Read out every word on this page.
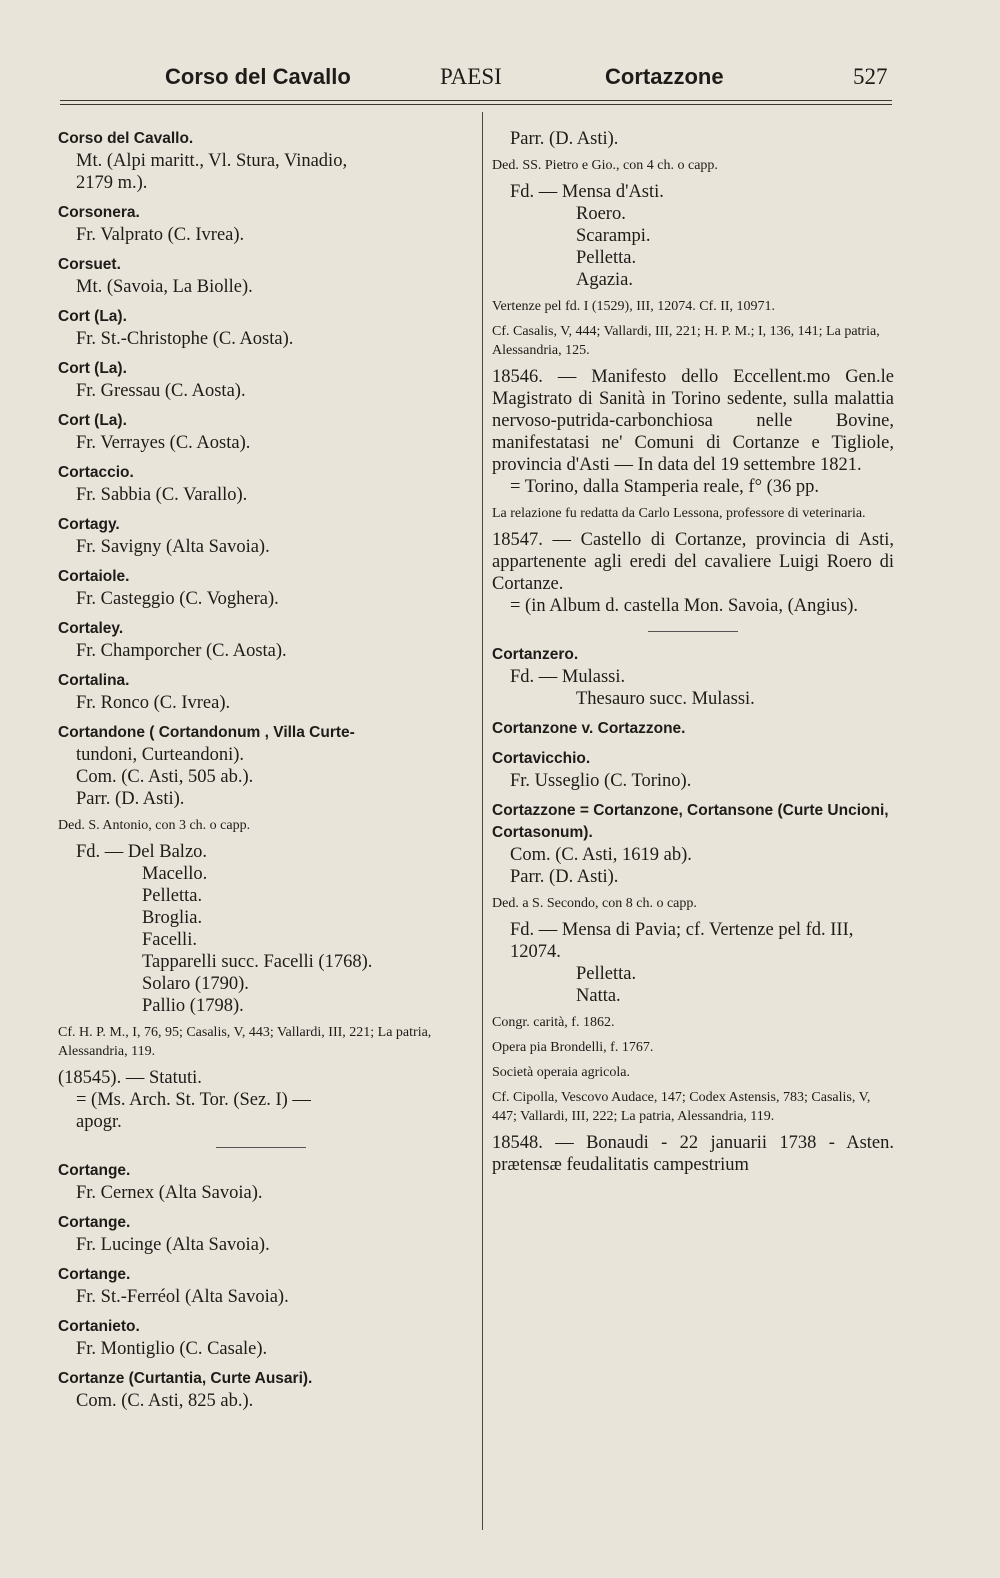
Corso del Cavallo	PAESI	Cortazzone	527

Corso del Cavallo.

Mt. (Alpi maritt., Vl. Stura, Vinadio,

2179 m.).

Corsonera.

Fr. Valprato (C. Ivrea).

Corsuet.

Mt. (Savoia, La Biolle).

Cort (La).

Fr. St.-Christophe (C. Aosta).

Cort (La).

Fr. Gressau (C. Aosta).

Cort (La).

Fr. Verrayes (C. Aosta).

Cortaccio.

Fr. Sabbia (C. Varallo).

Cortagy.

Fr. Savigny (Alta Savoia).

Cortaiole.

Fr. Casteggio (C. Voghera).

Cortaley.

Fr. Champorcher (C. Aosta).

Cortalina.

Fr. Ronco (C. Ivrea).

Cortandone ( Cortandonum , Villa Curte-

tundoni, Curteandoni).

Com. (C. Asti, 505 ab.).

Parr. (D. Asti).

Ded. S. Antonio, con 3 ch. o capp.

Fd. — Del Balzo.

Macello.

Pelletta.

Broglia.

Facelli.

Tapparelli succ. Facelli (1768).

Solaro (1790).

Pallio (1798).

Cf. H. P. M., I, 76, 95; Casalis, V, 443; Vallardi, III, 221; La patria, Alessandria, 119.

(18545). — Statuti.

= (Ms. Arch. St. Tor. (Sez. I) —

apogr.

Cortange.

Fr. Cernex (Alta Savoia).

Cortange.

Fr. Lucinge (Alta Savoia).

Cortange.

Fr. St.-Ferréol (Alta Savoia).

Cortanieto.

Fr. Montiglio (C. Casale).

Cortanze (Curtantia, Curte Ausari).

Com. (C. Asti, 825 ab.).

Parr. (D. Asti).

Ded. SS. Pietro e Gio., con 4 ch. o capp.

Fd. — Mensa d'Asti.

Roero.

Scarampi.

Pelletta.

Agazia.

Vertenze pel fd. I (1529), III, 12074. Cf. II, 10971.

Cf. Casalis, V, 444; Vallardi, III, 221; H. P. M.; I, 136, 141; La patria, Alessandria, 125.

18546. — Manifesto dello Eccellent.mo Gen.le Magistrato di Sanità in Torino sedente, sulla malattia nervoso-putrida-carbonchiosa nelle Bovine, manifestatasi ne' Comuni di Cortanze e Tigliole, provincia d'Asti — In data del 19 settembre 1821.

= Torino, dalla Stamperia reale, f° (36 pp.

La relazione fu redatta da Carlo Lessona, professore di veterinaria.

18547. — Castello di Cortanze, provincia di Asti, appartenente agli eredi del cavaliere Luigi Roero di Cortanze.

= (in Album d. castella Mon. Savoia, (Angius).

Cortanzero.

Fd. — Mulassi.

Thesauro succ. Mulassi.

Cortanzone v. Cortazzone.

Cortavicchio.

Fr. Usseglio (C. Torino).

Cortazzone = Cortanzone, Cortansone (Curte Uncioni, Cortasonum).

Com. (C. Asti, 1619 ab).

Parr. (D. Asti).

Ded. a S. Secondo, con 8 ch. o capp.

Fd. — Mensa di Pavia; cf. Vertenze pel fd. III, 12074.

Pelletta.

Natta.

Congr. carità, f. 1862.

Opera pia Brondelli, f. 1767.

Società operaia agricola.

Cf. Cipolla, Vescovo Audace, 147; Codex Astensis, 783; Casalis, V, 447; Vallardi, III, 222; La patria, Alessandria, 119.

18548. — Bonaudi - 22 januarii 1738 - Asten. prætensæ feudalitatis campestrium
